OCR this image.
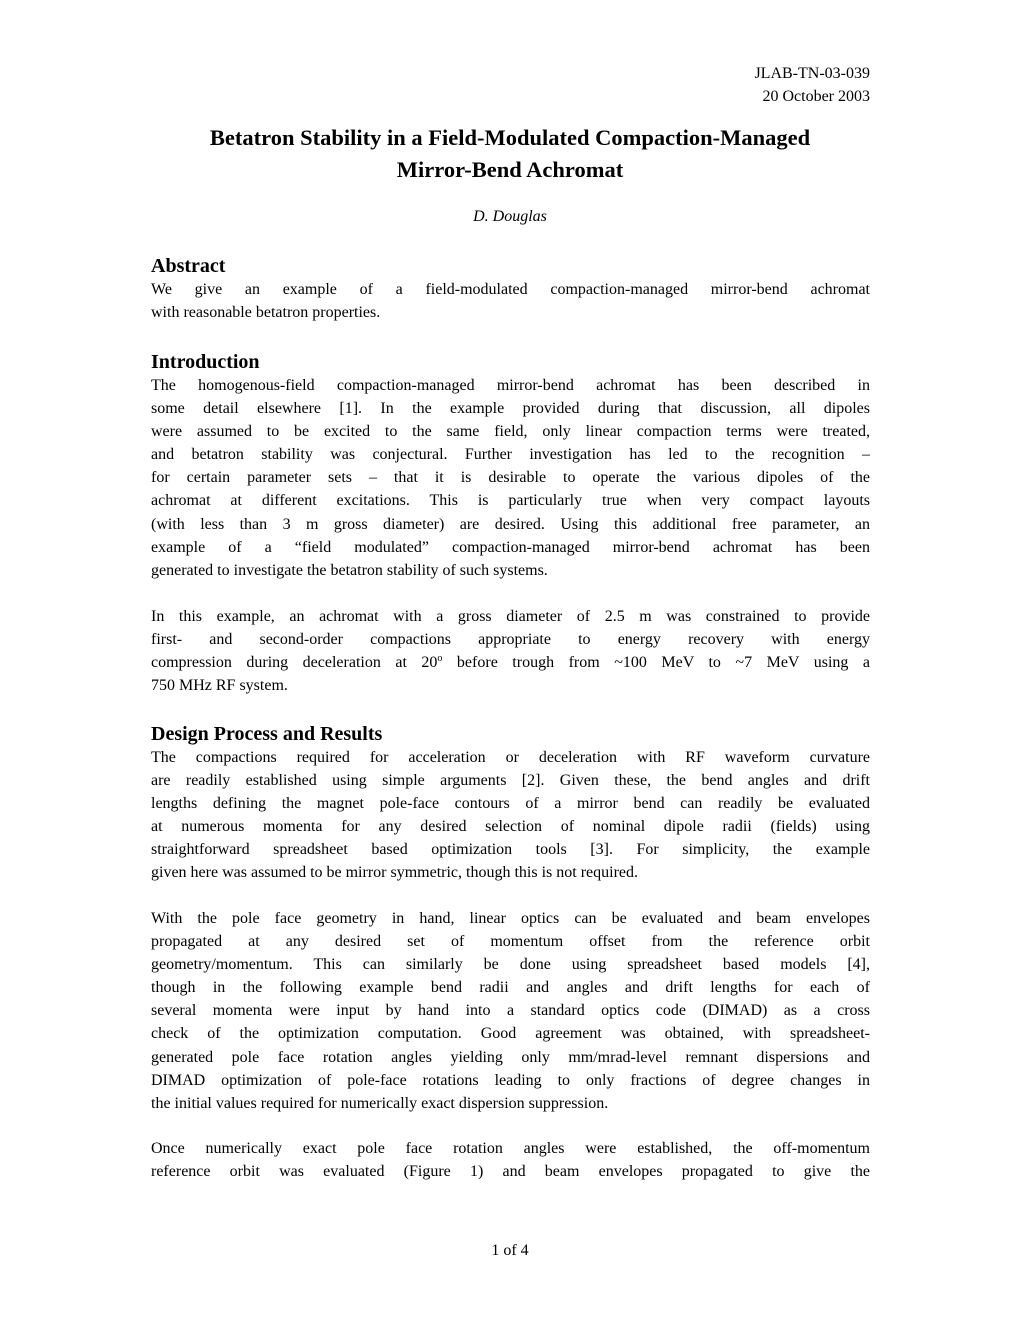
JLAB-TN-03-039
20 October 2003
Betatron Stability in a Field-Modulated Compaction-Managed
Mirror-Bend Achromat
D. Douglas
Abstract
We give an example of a field-modulated compaction-managed mirror-bend achromat
with reasonable betatron properties.
Introduction
The homogenous-field compaction-managed mirror-bend achromat has been described in
some detail elsewhere [1]. In the example provided during that discussion, all dipoles
were assumed to be excited to the same field, only linear compaction terms were treated,
and betatron stability was conjectural. Further investigation has led to the recognition –
for certain parameter sets – that it is desirable to operate the various dipoles of the
achromat at different excitations. This is particularly true when very compact layouts
(with less than 3 m gross diameter) are desired. Using this additional free parameter, an
example of a “field modulated” compaction-managed mirror-bend achromat has been
generated to investigate the betatron stability of such systems.
In this example, an achromat with a gross diameter of 2.5 m was constrained to provide
first- and second-order compactions appropriate to energy recovery with energy
compression during deceleration at 20$^o$ before trough from ~100 MeV to ~7 MeV using a
750 MHz RF system.
Design Process and Results
The compactions required for acceleration or deceleration with RF waveform curvature
are readily established using simple arguments [2]. Given these, the bend angles and drift
lengths defining the magnet pole-face contours of a mirror bend can readily be evaluated
at numerous momenta for any desired selection of nominal dipole radii (fields) using
straightforward spreadsheet based optimization tools [3]. For simplicity, the example
given here was assumed to be mirror symmetric, though this is not required.
With the pole face geometry in hand, linear optics can be evaluated and beam envelopes
propagated at any desired set of momentum offset from the reference orbit
geometry/momentum. This can similarly be done using spreadsheet based models [4],
though in the following example bend radii and angles and drift lengths for each of
several momenta were input by hand into a standard optics code (DIMAD) as a cross
check of the optimization computation. Good agreement was obtained, with spreadsheet-
generated pole face rotation angles yielding only mm/mrad-level remnant dispersions and
DIMAD optimization of pole-face rotations leading to only fractions of degree changes in
the initial values required for numerically exact dispersion suppression.
Once numerically exact pole face rotation angles were established, the off-momentum
reference orbit was evaluated (Figure 1) and beam envelopes propagated to give the
1 of 4
